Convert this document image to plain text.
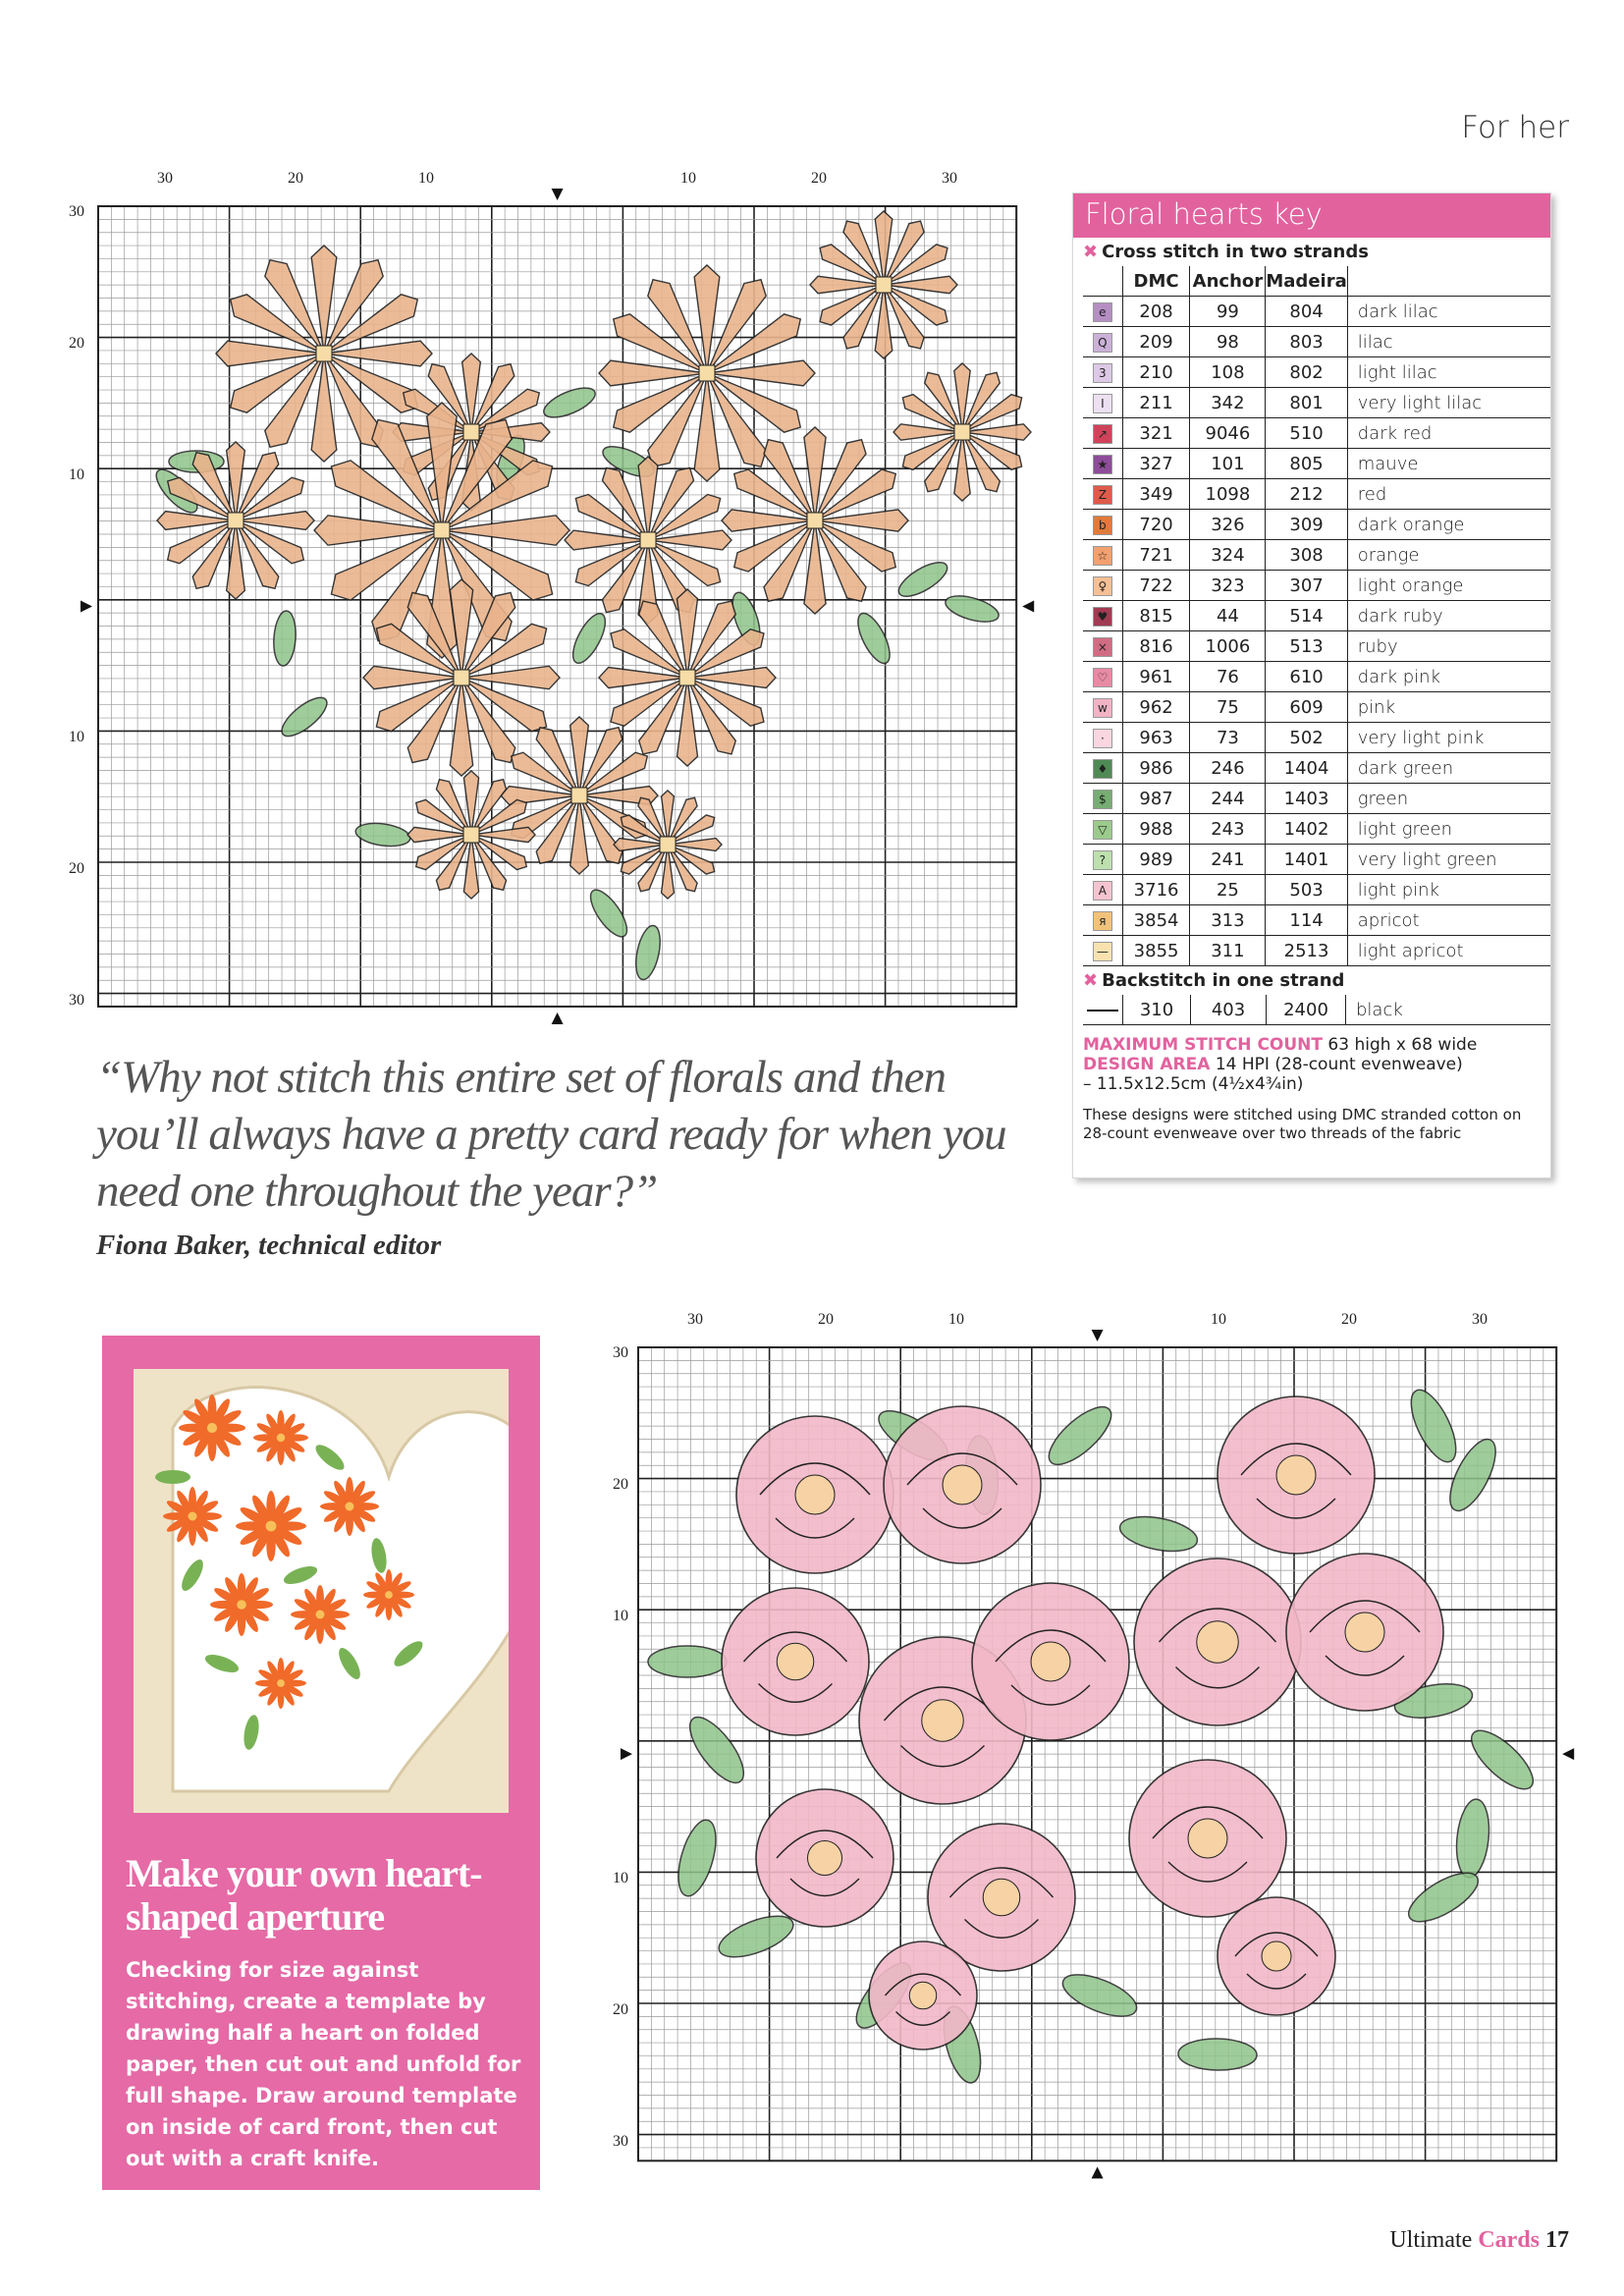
For her
30	20	10	10	20	30
30
20
10
10
20
30
Floral hearts key
✖ Cross stitch in two strands
	DMC	Anchor	Madeira	
e	208	99	804	dark lilac
Q	209	98	803	lilac
3	210	108	802	light lilac
I	211	342	801	very light lilac
↗	321	9046	510	dark red
★	327	101	805	mauve
Z	349	1098	212	red
b	720	326	309	dark orange
☆	721	324	308	orange
♀	722	323	307	light orange
♥	815	44	514	dark ruby
×	816	1006	513	ruby
♡	961	76	610	dark pink
w	962	75	609	pink
·	963	73	502	very light pink
♦	986	246	1404	dark green
$	987	244	1403	green
▽	988	243	1402	light green
?	989	241	1401	very light green
A	3716	25	503	light pink
я	3854	313	114	apricot
—	3855	311	2513	light apricot
✖ Backstitch in one strand
	310	403	2400	black
MAXIMUM STITCH COUNT 63 high x 68 wide
DESIGN AREA 14 HPI (28-count evenweave)
– 11.5x12.5cm (4½x4¾in)
These designs were stitched using DMC stranded cotton on 28-count evenweave over two threads of the fabric
“Why not stitch this entire set of florals and then you’ll always have a pretty card ready for when you need one throughout the year?”
Fiona Baker, technical editor
Make your own heart-shaped aperture
Checking for size against stitching, create a template by drawing half a heart on folded paper, then cut out and unfold for full shape. Draw around template on inside of card front, then cut out with a craft knife.
30	20	10	10	20	30
30
20
10
10
20
30
Ultimate Cards 17
